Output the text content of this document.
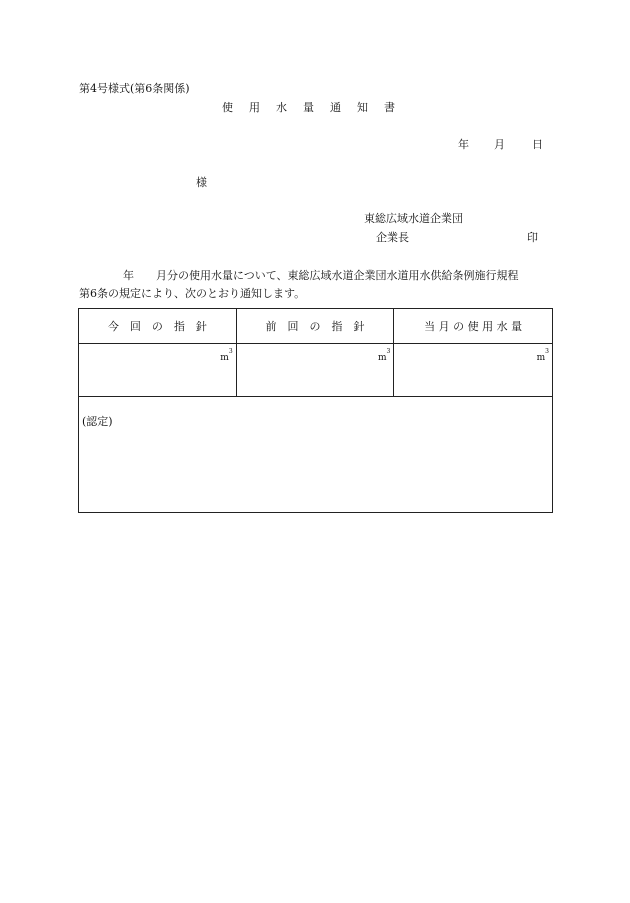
第4号様式(第6条関係)
使 用 水 量 通 知 書
年 月 日
様
東総広域水道企業団
企業長	印
年　　月分の使用水量について、東総広域水道企業団水道用水供給条例施行規程
第6条の規定により、次のとおり通知します。
今　回　の　指　針	前　回　の　指　針	当 月 の 使 用 水 量
$m^3$	$m^3$	$m^3$
(認定)		
